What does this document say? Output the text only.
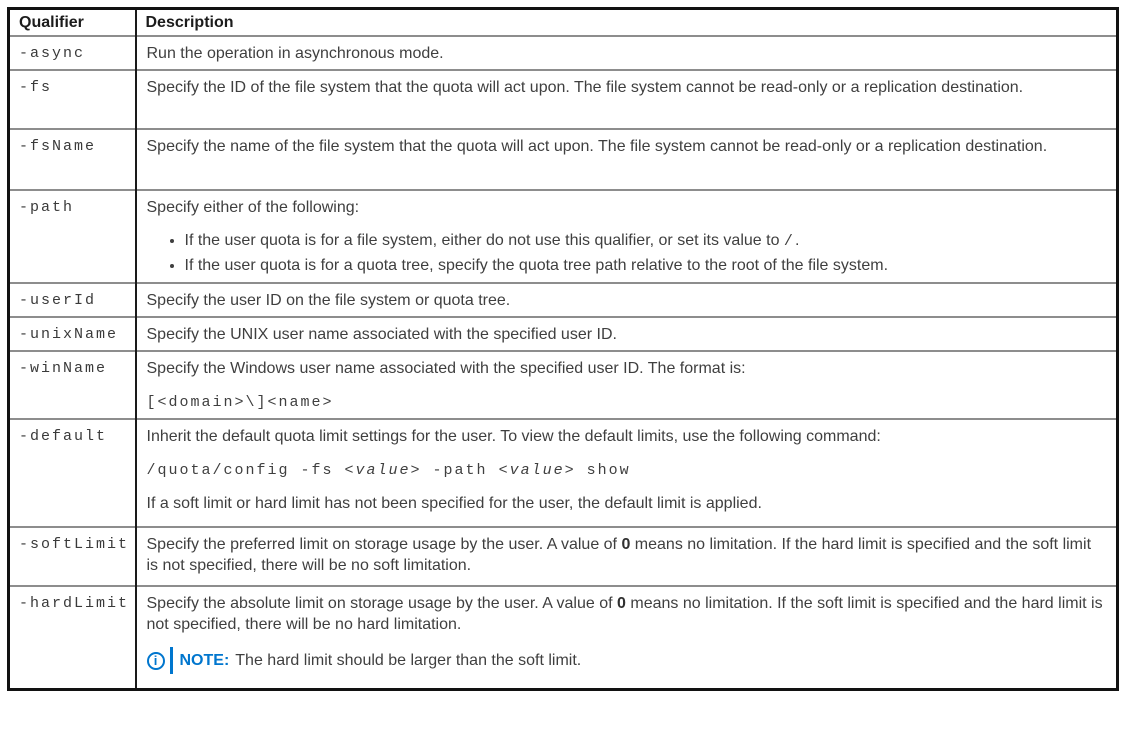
Qualifier	Description
-async	Run the operation in asynchronous mode.

-fs	Specify the ID of the file system that the quota will act upon. The file system cannot be read-only or a replication destination.

-fsName	Specify the name of the file system that the quota will act upon. The file system cannot be read-only or a replication destination.

-path	Specify either of the following:

• If the user quota is for a file system, either do not use this qualifier, or set its value to /.
• If the user quota is for a quota tree, specify the quota tree path relative to the root of the file system.

-userId	Specify the user ID on the file system or quota tree.

-unixName	Specify the UNIX user name associated with the specified user ID.

-winName	Specify the Windows user name associated with the specified user ID. The format is:

[<domain>\]<name>

-default	Inherit the default quota limit settings for the user. To view the default limits, use the following command:

/quota/config -fs <value> -path <value> show

If a soft limit or hard limit has not been specified for the user, the default limit is applied.

-softLimit	Specify the preferred limit on storage usage by the user. A value of 0 means no limitation. If the hard limit is specified and the soft limit is not specified, there will be no soft limitation.

-hardLimit	Specify the absolute limit on storage usage by the user. A value of 0 means no limitation. If the soft limit is specified and the hard limit is not specified, there will be no hard limitation.

i NOTE: The hard limit should be larger than the soft limit.
